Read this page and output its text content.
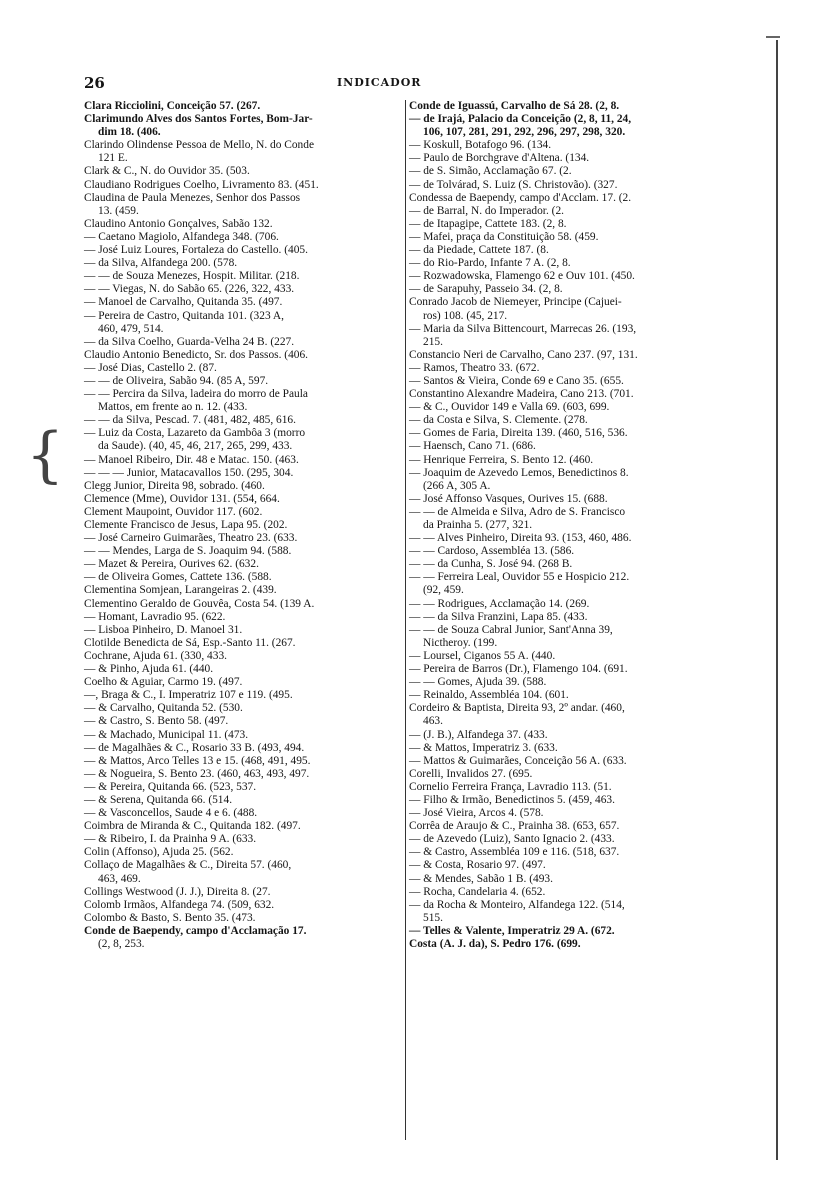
26	INDICADOR
{
Clara Ricciolini, Conceição 57. (267.
Clarimundo Alves dos Santos Fortes, Bom-Jar-
dim 18. (406.
Clarindo Olindense Pessoa de Mello, N. do Conde
121 E.
Clark & C., N. do Ouvidor 35. (503.
Claudiano Rodrigues Coelho, Livramento 83. (451.
Claudina de Paula Menezes, Senhor dos Passos
13. (459.
Claudino Antonio Gonçalves, Sabão 132.
— Caetano Magiolo, Alfandega 348. (706.
— José Luiz Loures, Fortaleza do Castello. (405.
— da Silva, Alfandega 200. (578.
— — de Souza Menezes, Hospit. Militar. (218.
— — Viegas, N. do Sabão 65. (226, 322, 433.
— Manoel de Carvalho, Quitanda 35. (497.
— Pereira de Castro, Quitanda 101. (323 A,
460, 479, 514.
— da Silva Coelho, Guarda-Velha 24 B. (227.
Claudio Antonio Benedicto, Sr. dos Passos. (406.
— José Dias, Castello 2. (87.
— — de Oliveira, Sabão 94. (85 A, 597.
— — Percira da Silva, ladeira do morro de Paula
Mattos, em frente ao n. 12. (433.
— — da Silva, Pescad. 7. (481, 482, 485, 616.
— Luiz da Costa, Lazareto da Gambôa 3 (morro
da Saude). (40, 45, 46, 217, 265, 299, 433.
— Manoel Ribeiro, Dir. 48 e Matac. 150. (463.
— — — Junior, Matacavallos 150. (295, 304.
Clegg Junior, Direita 98, sobrado. (460.
Clemence (Mme), Ouvidor 131. (554, 664.
Clement Maupoint, Ouvidor 117. (602.
Clemente Francisco de Jesus, Lapa 95. (202.
— José Carneiro Guimarães, Theatro 23. (633.
— — Mendes, Larga de S. Joaquim 94. (588.
— Mazet & Pereira, Ourives 62. (632.
— de Oliveira Gomes, Cattete 136. (588.
Clementina Somjean, Larangeiras 2. (439.
Clementino Geraldo de Gouvêa, Costa 54. (139 A.
— Homant, Lavradio 95. (622.
— Lisboa Pinheiro, D. Manoel 31.
Clotilde Benedicta de Sá, Esp.-Santo 11. (267.
Cochrane, Ajuda 61. (330, 433.
— & Pinho, Ajuda 61. (440.
Coelho & Aguiar, Carmo 19. (497.
—, Braga & C., I. Imperatriz 107 e 119. (495.
— & Carvalho, Quitanda 52. (530.
— & Castro, S. Bento 58. (497.
— & Machado, Municipal 11. (473.
— de Magalhães & C., Rosario 33 B. (493, 494.
— & Mattos, Arco Telles 13 e 15. (468, 491, 495.
— & Nogueira, S. Bento 23. (460, 463, 493, 497.
— & Pereira, Quitanda 66. (523, 537.
— & Serena, Quitanda 66. (514.
— & Vasconcellos, Saude 4 e 6. (488.
Coimbra de Miranda & C., Quitanda 182. (497.
— & Ribeiro, I. da Prainha 9 A. (633.
Colin (Affonso), Ajuda 25. (562.
Collaço de Magalhães & C., Direita 57. (460,
463, 469.
Collings Westwood (J. J.), Direita 8. (27.
Colomb Irmãos, Alfandega 74. (509, 632.
Colombo & Basto, S. Bento 35. (473.
Conde de Baependy, campo d'Acclamação 17.
(2, 8, 253.
Conde de Iguassú, Carvalho de Sá 28. (2, 8.
— de Irajá, Palacio da Conceição (2, 8, 11, 24,
106, 107, 281, 291, 292, 296, 297, 298, 320.
— Koskull, Botafogo 96. (134.
— Paulo de Borchgrave d'Altena. (134.
— de S. Simão, Acclamação 67. (2.
— de Tolvárad, S. Luiz (S. Christovão). (327.
Condessa de Baependy, campo d'Acclam. 17. (2.
— de Barral, N. do Imperador. (2.
— de Itapagipe, Cattete 183. (2, 8.
— Mafei, praça da Constituição 58. (459.
— da Piedade, Cattete 187. (8.
— do Rio-Pardo, Infante 7 A. (2, 8.
— Rozwadowska, Flamengo 62 e Ouv 101. (450.
— de Sarapuhy, Passeio 34. (2, 8.
Conrado Jacob de Niemeyer, Principe (Cajuei-
ros) 108. (45, 217.
— Maria da Silva Bittencourt, Marrecas 26. (193,
215.
Constancio Neri de Carvalho, Cano 237. (97, 131.
— Ramos, Theatro 33. (672.
— Santos & Vieira, Conde 69 e Cano 35. (655.
Constantino Alexandre Madeira, Cano 213. (701.
— & C., Ouvidor 149 e Valla 69. (603, 699.
— da Costa e Silva, S. Clemente. (278.
— Gomes de Faria, Direita 139. (460, 516, 536.
— Haensch, Cano 71. (686.
— Henrique Ferreira, S. Bento 12. (460.
— Joaquim de Azevedo Lemos, Benedictinos 8.
(266 A, 305 A.
— José Affonso Vasques, Ourives 15. (688.
— — de Almeida e Silva, Adro de S. Francisco
da Prainha 5. (277, 321.
— — Alves Pinheiro, Direita 93. (153, 460, 486.
— — Cardoso, Assembléa 13. (586.
— — da Cunha, S. José 94. (268 B.
— — Ferreira Leal, Ouvidor 55 e Hospicio 212.
(92, 459.
— — Rodrigues, Acclamação 14. (269.
— — da Silva Franzini, Lapa 85. (433.
— — de Souza Cabral Junior, Sant'Anna 39,
Nictheroy. (199.
— Loursel, Ciganos 55 A. (440.
— Pereira de Barros (Dr.), Flamengo 104. (691.
— — Gomes, Ajuda 39. (588.
— Reinaldo, Assembléa 104. (601.
Cordeiro & Baptista, Direita 93, 2º andar. (460,
463.
— (J. B.), Alfandega 37. (433.
— & Mattos, Imperatriz 3. (633.
— Mattos & Guimarães, Conceição 56 A. (633.
Corelli, Invalidos 27. (695.
Cornelio Ferreira França, Lavradio 113. (51.
— Filho & Irmão, Benedictinos 5. (459, 463.
— José Vieira, Arcos 4. (578.
Corrêa de Araujo & C., Prainha 38. (653, 657.
— de Azevedo (Luiz), Santo Ignacio 2. (433.
— & Castro, Assembléa 109 e 116. (518, 637.
— & Costa, Rosario 97. (497.
— & Mendes, Sabão 1 B. (493.
— Rocha, Candelaria 4. (652.
— da Rocha & Monteiro, Alfandega 122. (514,
515.
— Telles & Valente, Imperatriz 29 A. (672.
Costa (A. J. da), S. Pedro 176. (699.
